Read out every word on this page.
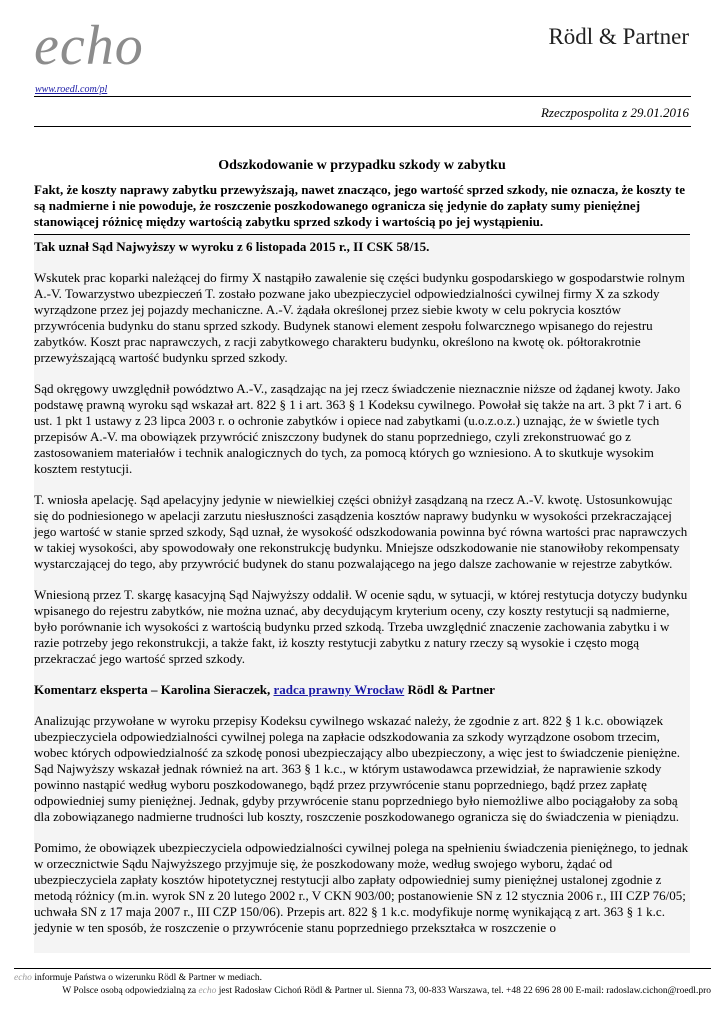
echo
www.roedl.com/pl
Rödl & Partner
Rzeczpospolita z 29.01.2016
Odszkodowanie w przypadku szkody w zabytku

Fakt, że koszty naprawy zabytku przewyższają, nawet znacząco, jego wartość sprzed szkody, nie oznacza, że koszty te są nadmierne i nie powoduje, że roszczenie poszkodowanego ogranicza się jedynie do zapłaty sumy pieniężnej stanowiącej różnicę między wartością zabytku sprzed szkody i wartością po jej wystąpieniu.

Tak uznał Sąd Najwyższy w wyroku z 6 listopada 2015 r., II CSK 58/15.

Wskutek prac koparki należącej do firmy X nastąpiło zawalenie się części budynku gospodarskiego w gospodarstwie rolnym A.-V. Towarzystwo ubezpieczeń T. zostało pozwane jako ubezpieczyciel odpowiedzialności cywilnej firmy X za szkody wyrządzone przez jej pojazdy mechaniczne. A.-V. żądała określonej przez siebie kwoty w celu pokrycia kosztów przywrócenia budynku do stanu sprzed szkody. Budynek stanowi element zespołu folwarcznego wpisanego do rejestru zabytków. Koszt prac naprawczych, z racji zabytkowego charakteru budynku, określono na kwotę ok. półtorakrotnie przewyższającą wartość budynku sprzed szkody.

Sąd okręgowy uwzględnił powództwo A.-V., zasądzając na jej rzecz świadczenie nieznacznie niższe od żądanej kwoty. Jako podstawę prawną wyroku sąd wskazał art. 822 § 1 i art. 363 § 1 Kodeksu cywilnego. Powołał się także na art. 3 pkt 7 i art. 6 ust. 1 pkt 1 ustawy z 23 lipca 2003 r. o ochronie zabytków i opiece nad zabytkami (u.o.z.o.z.) uznając, że w świetle tych przepisów A.-V. ma obowiązek przywrócić zniszczony budynek do stanu poprzedniego, czyli zrekonstruować go z zastosowaniem materiałów i technik analogicznych do tych, za pomocą których go wzniesiono. A to skutkuje wysokim kosztem restytucji.

T. wniosła apelację. Sąd apelacyjny jedynie w niewielkiej części obniżył zasądzaną na rzecz A.-V. kwotę. Ustosunkowując się do podniesionego w apelacji zarzutu niesłuszności zasądzenia kosztów naprawy budynku w wysokości przekraczającej jego wartość w stanie sprzed szkody, Sąd uznał, że wysokość odszkodowania powinna być równa wartości prac naprawczych w takiej wysokości, aby spowodowały one rekonstrukcję budynku. Mniejsze odszkodowanie nie stanowiłoby rekompensaty wystarczającej do tego, aby przywrócić budynek do stanu pozwalającego na jego dalsze zachowanie w rejestrze zabytków.

Wniesioną przez T. skargę kasacyjną Sąd Najwyższy oddalił. W ocenie sądu, w sytuacji, w której restytucja dotyczy budynku wpisanego do rejestru zabytków, nie można uznać, aby decydującym kryterium oceny, czy koszty restytucji są nadmierne, było porównanie ich wysokości z wartością budynku przed szkodą. Trzeba uwzględnić znaczenie zachowania zabytku i w razie potrzeby jego rekonstrukcji, a także fakt, iż koszty restytucji zabytku z natury rzeczy są wysokie i często mogą przekraczać jego wartość sprzed szkody.

Komentarz eksperta – Karolina Sieraczek, radca prawny Wrocław Rödl & Partner

Analizując przywołane w wyroku przepisy Kodeksu cywilnego wskazać należy, że zgodnie z art. 822 § 1 k.c. obowiązek ubezpieczyciela odpowiedzialności cywilnej polega na zapłacie odszkodowania za szkody wyrządzone osobom trzecim, wobec których odpowiedzialność za szkodę ponosi ubezpieczający albo ubezpieczony, a więc jest to świadczenie pieniężne. Sąd Najwyższy wskazał jednak również na art. 363 § 1 k.c., w którym ustawodawca przewidział, że naprawienie szkody powinno nastąpić według wyboru poszkodowanego, bądź przez przywrócenie stanu poprzedniego, bądź przez zapłatę odpowiedniej sumy pieniężnej. Jednak, gdyby przywrócenie stanu poprzedniego było niemożliwe albo pociągałoby za sobą dla zobowiązanego nadmierne trudności lub koszty, roszczenie poszkodowanego ogranicza się do świadczenia w pieniądzu.

Pomimo, że obowiązek ubezpieczyciela odpowiedzialności cywilnej polega na spełnieniu świadczenia pieniężnego, to jednak w orzecznictwie Sądu Najwyższego przyjmuje się, że poszkodowany może, według swojego wyboru, żądać od ubezpieczyciela zapłaty kosztów hipotetycznej restytucji albo zapłaty odpowiedniej sumy pieniężnej ustalonej zgodnie z metodą różnicy (m.in. wyrok SN z 20 lutego 2002 r., V CKN 903/00; postanowienie SN z 12 stycznia 2006 r., III CZP 76/05; uchwała SN z 17 maja 2007 r., III CZP 150/06). Przepis art. 822 § 1 k.c. modyfikuje normę wynikającą z art. 363 § 1 k.c. jedynie w ten sposób, że roszczenie o przywrócenie stanu poprzedniego przekształca w roszczenie o

echo informuje Państwa o wizerunku Rödl & Partner w mediach.
W Polsce osobą odpowiedzialną za echo jest Radosław Cichoń Rödl & Partner ul. Sienna 73, 00-833 Warszawa, tel. +48 22 696 28 00 E-mail: radoslaw.cichon@roedl.pro
